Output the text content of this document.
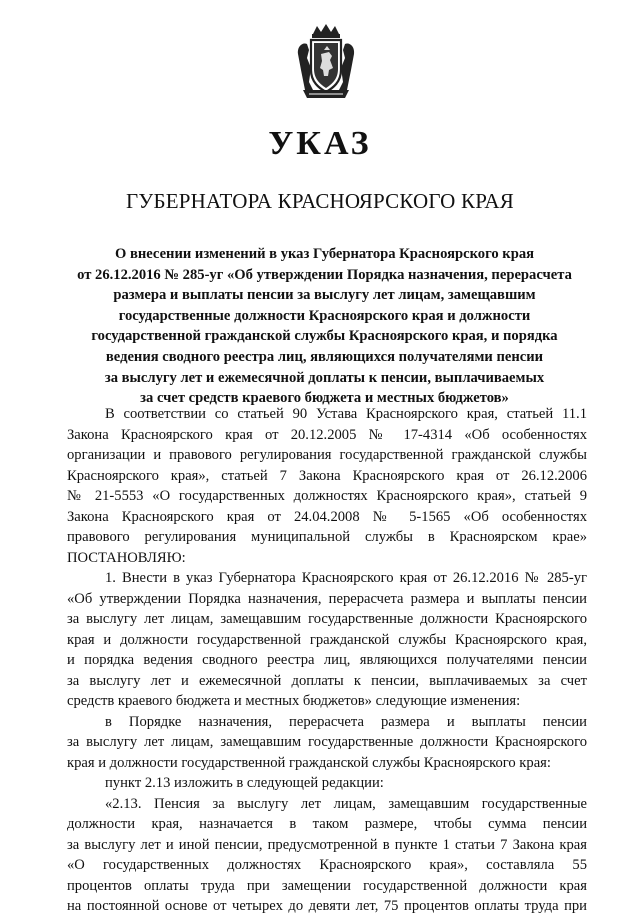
УКАЗ
ГУБЕРНАТОРА КРАСНОЯРСКОГО КРАЯ
О внесении изменений в указ Губернатора Красноярского края
от 26.12.2016 № 285-уг «Об утверждении Порядка назначения, перерасчета
размера и выплаты пенсии за выслугу лет лицам, замещавшим
государственные должности Красноярского края и должности
государственной гражданской службы Красноярского края, и порядка
ведения сводного реестра лиц, являющихся получателями пенсии
за выслугу лет и ежемесячной доплаты к пенсии, выплачиваемых
за счет средств краевого бюджета и местных бюджетов»
В соответствии со статьей 90 Устава Красноярского края, статьей 11.1
Закона Красноярского края от 20.12.2005 № 17-4314 «Об особенностях
организации и правового регулирования государственной гражданской службы
Красноярского края», статьей 7 Закона Красноярского края от 26.12.2006
№ 21-5553 «О государственных должностях Красноярского края», статьей 9
Закона Красноярского края от 24.04.2008 № 5-1565 «Об особенностях
правового регулирования муниципальной службы в Красноярском крае»
ПОСТАНОВЛЯЮ:
1. Внести в указ Губернатора Красноярского края от 26.12.2016 № 285-уг
«Об утверждении Порядка назначения, перерасчета размера и выплаты пенсии
за выслугу лет лицам, замещавшим государственные должности Красноярского
края и должности государственной гражданской службы Красноярского края,
и порядка ведения сводного реестра лиц, являющихся получателями пенсии
за выслугу лет и ежемесячной доплаты к пенсии, выплачиваемых за счет
средств краевого бюджета и местных бюджетов» следующие изменения:
в Порядке назначения, перерасчета размера и выплаты пенсии
за выслугу лет лицам, замещавшим государственные должности Красноярского
края и должности государственной гражданской службы Красноярского края:
пункт 2.13 изложить в следующей редакции:
«2.13. Пенсия за выслугу лет лицам, замещавшим государственные
должности края, назначается в таком размере, чтобы сумма пенсии
за выслугу лет и иной пенсии, предусмотренной в пункте 1 статьи 7 Закона края
«О государственных должностях Красноярского края», составляла 55
процентов оплаты труда при замещении государственной должности края
на постоянной основе от четырех до девяти лет, 75 процентов оплаты труда при
